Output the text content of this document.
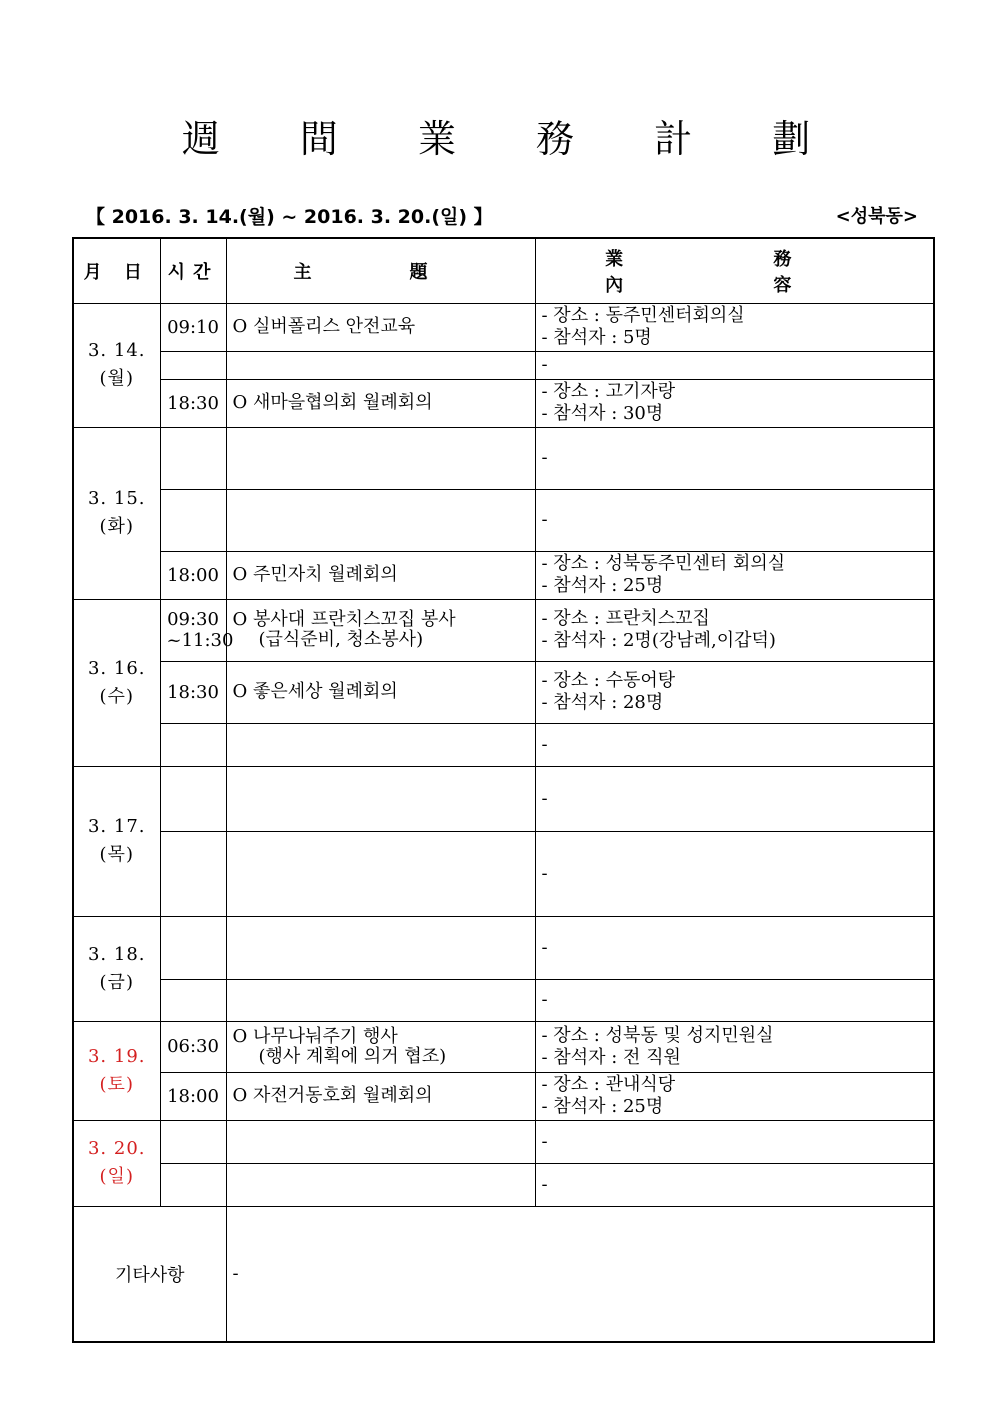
週 間 業 務 計 劃
【 2016. 3. 14.(월) ~ 2016. 3. 20.(일) 】	<성북동>
月 日	시간	主　題	業 務 內 容

3. 14.
(월)	09:10	O 실버폴리스 안전교육	- 장소 : 동주민센터회의실
- 참석자 : 5명

			-

	18:30	O 새마을협의회 월례회의	- 장소 : 고기자랑
- 참석자 : 30명

3. 15.
(화)			-

			-

	18:00	O 주민자치 월례회의	- 장소 : 성북동주민센터 회의실
- 참석자 : 25명

3. 16.
(수)	09:30 ~11:30	O 봉사대 프란치스꼬집 봉사
(급식준비, 청소봉사)	- 장소 : 프란치스꼬집
- 참석자 : 2명(강남례,이갑덕)

	18:30	O 좋은세상 월례회의	- 장소 : 수동어탕
- 참석자 : 28명

			-

3. 17.
(목)			-

			-

3. 18.
(금)			-

			-

3. 19.
(토)	06:30	O 나무나눠주기 행사
(행사 계획에 의거 협조)	- 장소 : 성북동 및 성지민원실
- 참석자 : 전 직원

	18:00	O 자전거동호회 월례회의	- 장소 : 관내식당
- 참석자 : 25명

3. 20.
(일)			-

			-

기타사항		-	
